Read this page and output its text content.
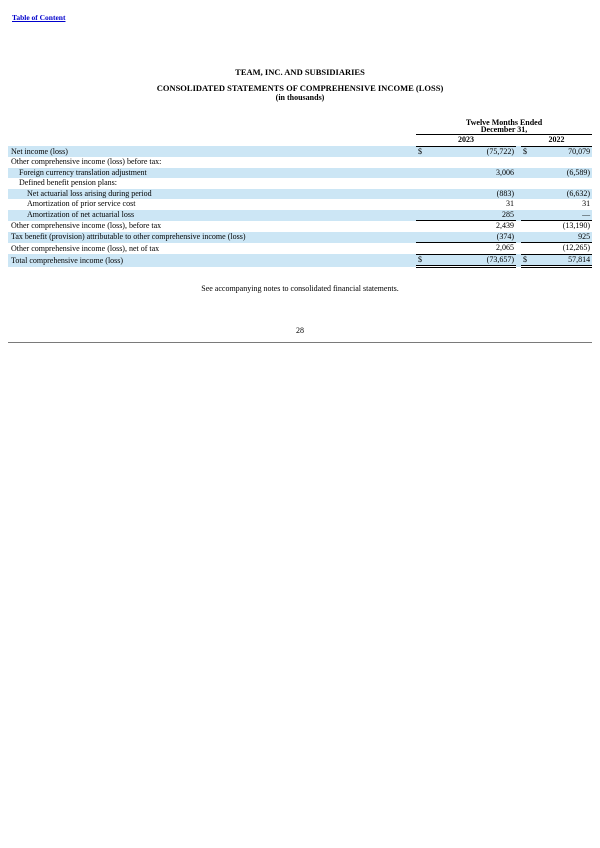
Table of Content
TEAM, INC. AND SUBSIDIARIES
CONSOLIDATED STATEMENTS OF COMPREHENSIVE INCOME (LOSS)
(in thousands)

	Twelve Months Ended
December 31,				

	2023			2022	
Net income (loss)	$	(75,722)		$	70,079
Other comprehensive income (loss) before tax:					
Foreign currency translation adjustment		3,006			(6,589)
Defined benefit pension plans:					
Net actuarial loss arising during period		(883)			(6,632)
Amortization of prior service cost		31			31
Amortization of net actuarial loss		285			—
Other comprehensive income (loss), before tax		2,439			(13,190)
Tax benefit (provision) attributable to other comprehensive income (loss)		(374)			925
Other comprehensive income (loss), net of tax		2,065			(12,265)
Total comprehensive income (loss)	$	(73,657)		$	57,814
See accompanying notes to consolidated financial statements.
28
